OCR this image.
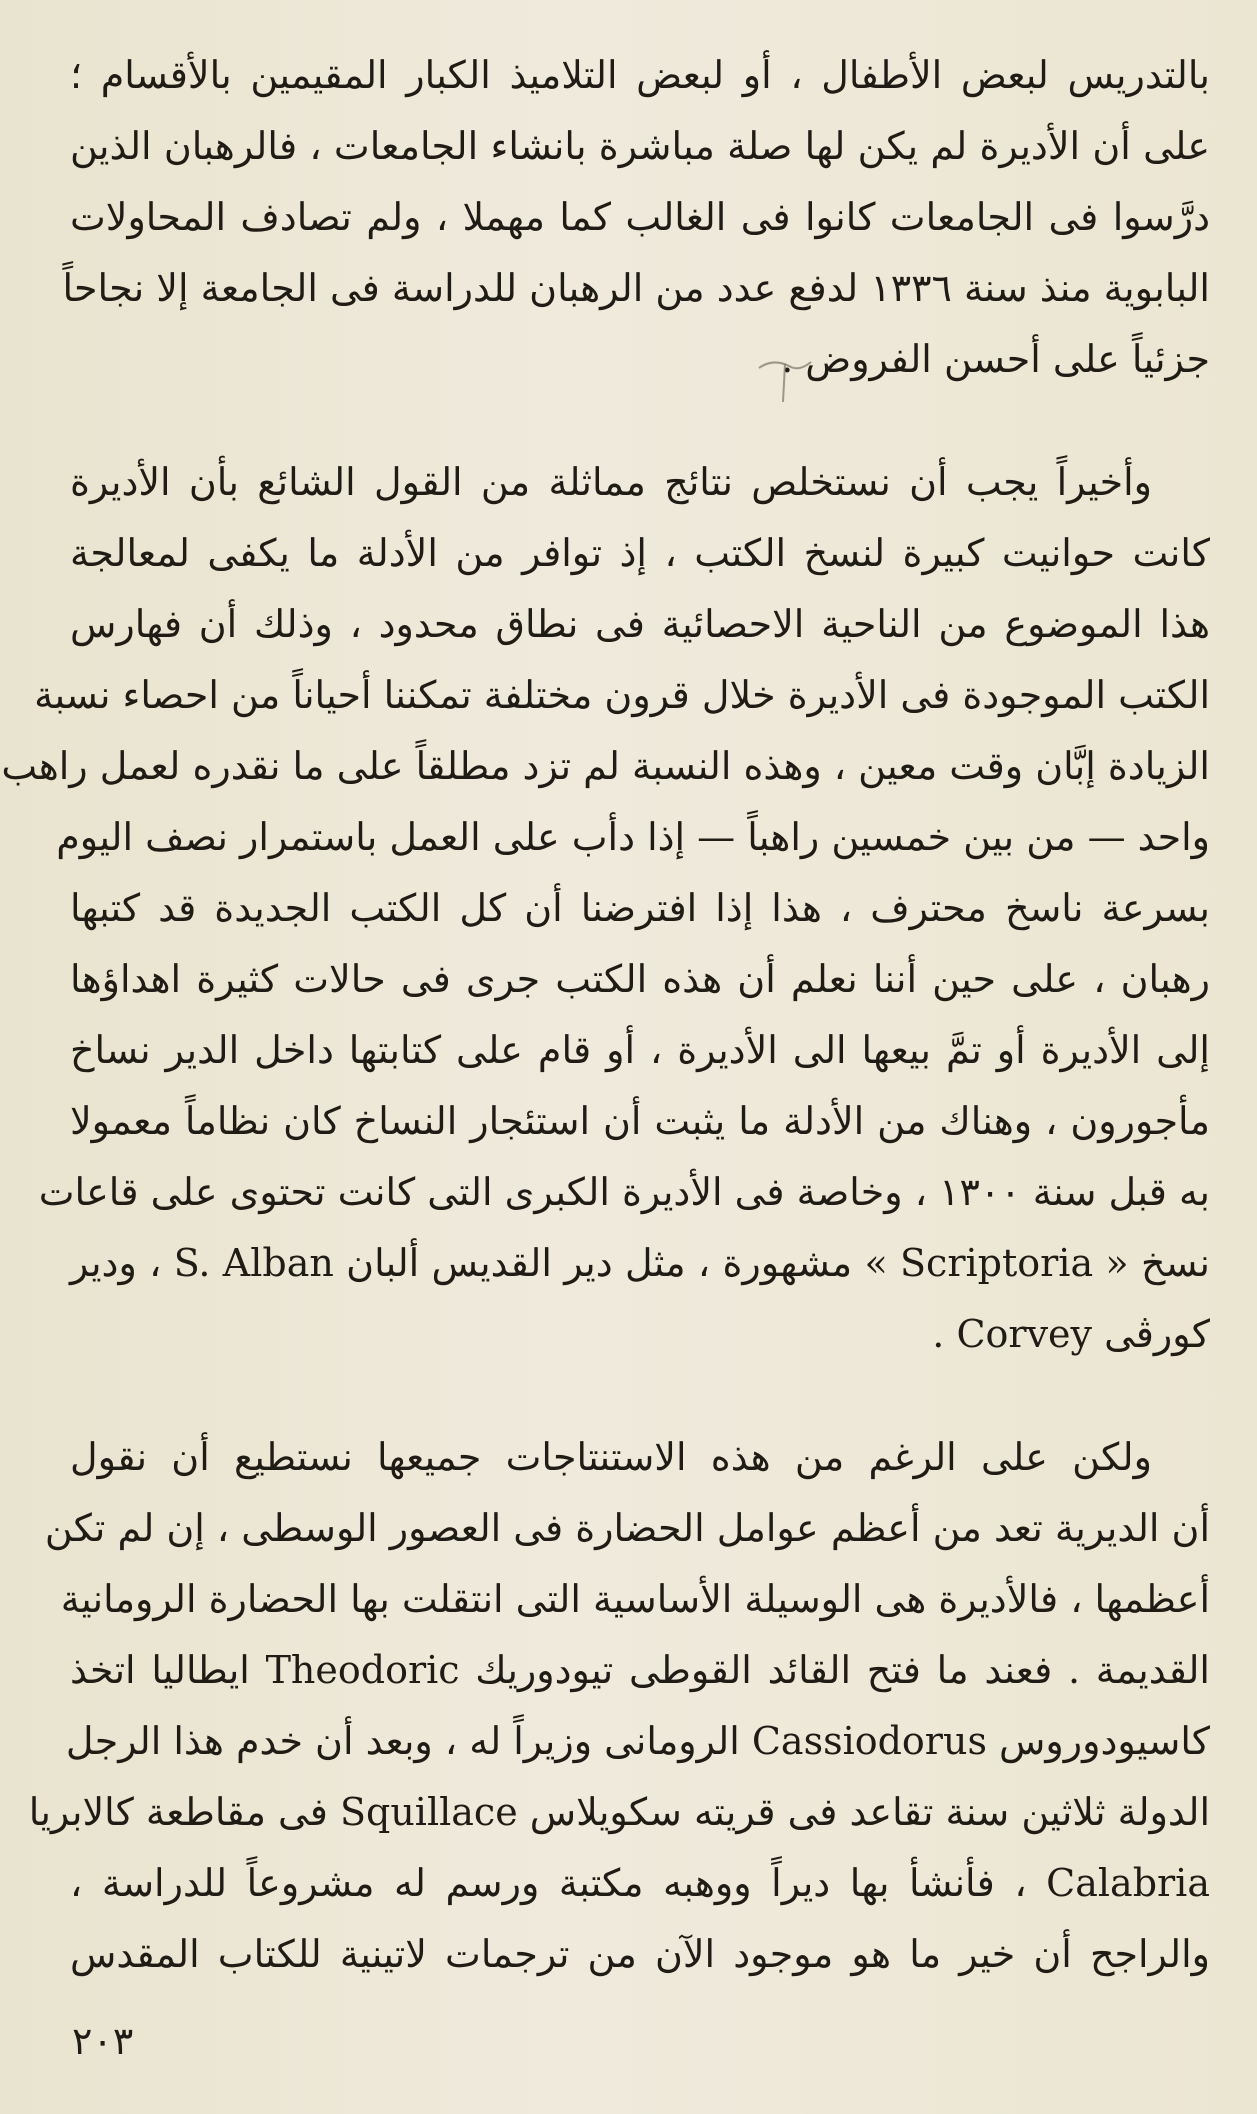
بالتدريس لبعض الأطفال ، أو لبعض التلاميذ الكبار المقيمين بالأقسام ؛
على أن الأديرة لم يكن لها صلة مباشرة بانشاء الجامعات ، فالرهبان الذين
درَّسوا فى الجامعات كانوا فى الغالب كما مهملا ، ولم تصادف المحاولات
البابوية منذ سنة ١٣٣٦ لدفع عدد من الرهبان للدراسة فى الجامعة إلا نجاحاً
جزئياً على أحسن الفروض .
وأخيراً يجب أن نستخلص نتائج مماثلة من القول الشائع بأن الأديرة
كانت حوانيت كبيرة لنسخ الكتب ، إذ توافر من الأدلة ما يكفى لمعالجة
هذا الموضوع من الناحية الاحصائية فى نطاق محدود ، وذلك أن فهارس
الكتب الموجودة فى الأديرة خلال قرون مختلفة تمكننا أحياناً من احصاء نسبة
الزيادة إبَّان وقت معين ، وهذه النسبة لم تزد مطلقاً على ما نقدره لعمل راهب
واحد — من بين خمسين راهباً — إذا دأب على العمل باستمرار نصف اليوم
بسرعة ناسخ محترف ، هذا إذا افترضنا أن كل الكتب الجديدة قد كتبها
رهبان ، على حين أننا نعلم أن هذه الكتب جرى فى حالات كثيرة اهداؤها
إلى الأديرة أو تمَّ بيعها الى الأديرة ، أو قام على كتابتها داخل الدير نساخ
مأجورون ، وهناك من الأدلة ما يثبت أن استئجار النساخ كان نظاماً معمولا
به قبل سنة ١٣٠٠ ، وخاصة فى الأديرة الكبرى التى كانت تحتوى على قاعات
نسخ « Scriptoria » مشهورة ، مثل دير القديس ألبان S. Alban ، ودير
كورڤى Corvey .
ولكن على الرغم من هذه الاستنتاجات جميعها نستطيع أن نقول
أن الديرية تعد من أعظم عوامل الحضارة فى العصور الوسطى ، إن لم تكن
أعظمها ، فالأديرة هى الوسيلة الأساسية التى انتقلت بها الحضارة الرومانية
القديمة . فعند ما فتح القائد القوطى تيودوريك Theodoric ايطاليا اتخذ
كاسيودوروس Cassiodorus الرومانى وزيراً له ، وبعد أن خدم هذا الرجل
الدولة ثلاثين سنة تقاعد فى قريته سكويلاس Squillace فى مقاطعة كالابريا
Calabria ، فأنشأ بها ديراً ووهبه مكتبة ورسم له مشروعاً للدراسة ،
والراجح أن خير ما هو موجود الآن من ترجمات لاتينية للكتاب المقدس
٢٠٣
